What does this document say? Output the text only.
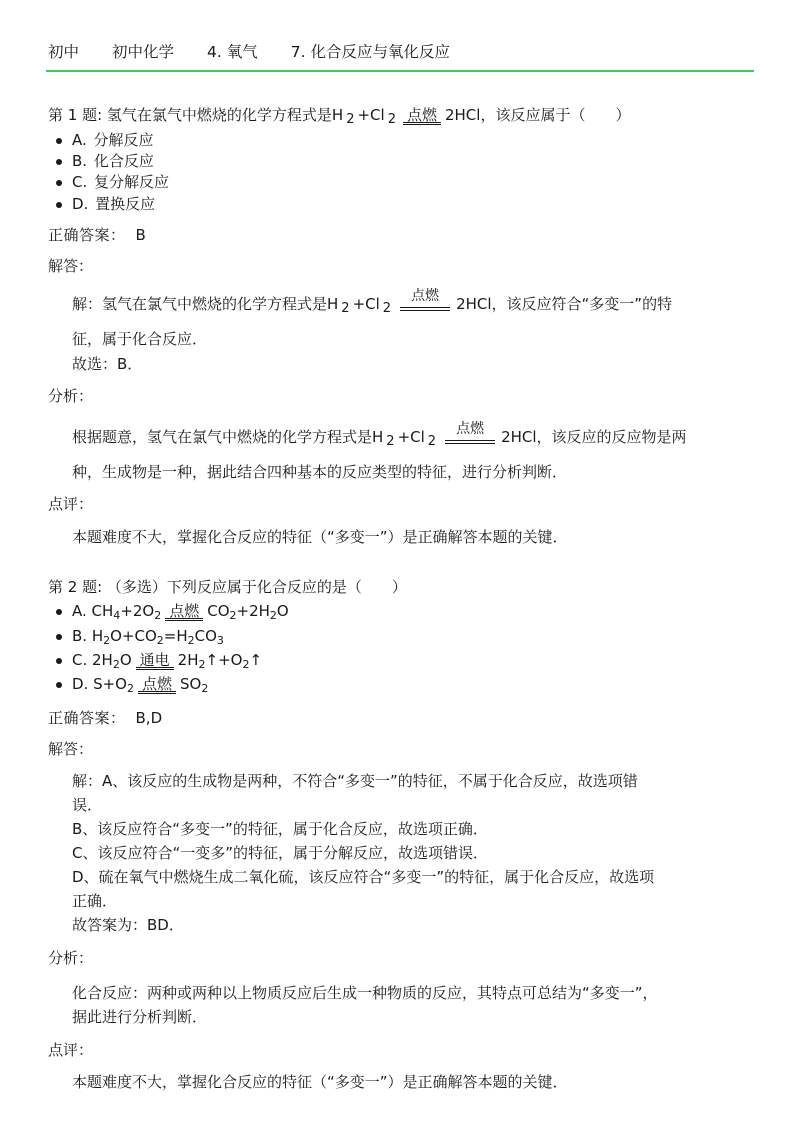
初中 初中化学 4. 氧气 7. 化合反应与氧化反应
第 1 题: 氢气在氯气中燃烧的化学方程式是H 2 +Cl 2 点燃 2HCl，该反应属于（　　）
A. 分解反应
B. 化合反应
C. 复分解反应
D. 置换反应
正确答案： B
解答：
解：氢气在氯气中燃烧的化学方程式是H 2 +Cl 2
点燃	2HCl，该反应符合“多变一”的特
征，属于化合反应．
故选：B．
分析：
根据题意，氢气在氯气中燃烧的化学方程式是H 2 +Cl 2
点燃	2HCl，该反应的反应物是两
种，生成物是一种，据此结合四种基本的反应类型的特征，进行分析判断．
点评：
本题难度不大，掌握化合反应的特征（“多变一”）是正确解答本题的关键．
第 2 题: （多选）下列反应属于化合反应的是（　　）
A. $CH_4+2O_2$ 点燃 $CO_2+2H_2O$
B. $H_2O+CO_2=H_2CO_3$
C. $2H_2O$ 通电 $2H_2↑+O_2↑$
D. $S+O_2$ 点燃 $SO_2$
正确答案： B,D
解答：
解：A、该反应的生成物是两种，不符合“多变一”的特征，不属于化合反应，故选项错
误．
B、该反应符合“多变一”的特征，属于化合反应，故选项正确．
C、该反应符合“一变多”的特征，属于分解反应，故选项错误．
D、硫在氧气中燃烧生成二氧化硫，该反应符合“多变一”的特征，属于化合反应，故选项
正确．
故答案为：BD．
分析：
化合反应：两种或两种以上物质反应后生成一种物质的反应，其特点可总结为“多变一”，
据此进行分析判断．
点评：
本题难度不大，掌握化合反应的特征（“多变一”）是正确解答本题的关键．
